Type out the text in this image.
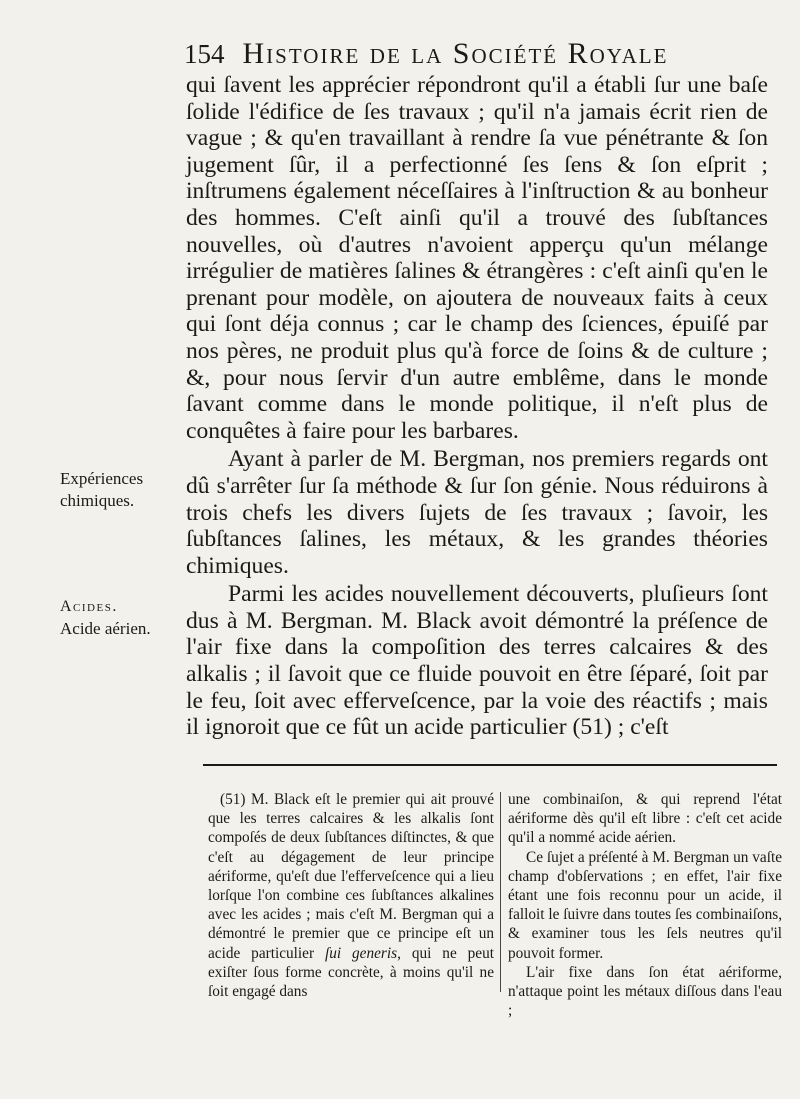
154 Histoire de la Société Royale

qui ſavent les apprécier répondront qu'il a établi ſur une baſe ſolide l'édifice de ſes travaux ; qu'il n'a jamais écrit rien de vague ; & qu'en travaillant à rendre ſa vue pénétrante & ſon jugement ſûr, il a perfectionné ſes ſens & ſon eſprit ; inſtrumens également néceſſaires à l'inſtruction & au bonheur des hommes. C'eſt ainſi qu'il a trouvé des ſubſtances nouvelles, où d'autres n'avoient apperçu qu'un mélange irrégulier de matières ſalines & étrangères : c'eſt ainſi qu'en le prenant pour modèle, on ajoutera de nouveaux faits à ceux qui ſont déja connus ; car le champ des ſciences, épuiſé par nos pères, ne produit plus qu'à force de ſoins & de culture ; &, pour nous ſervir d'un autre emblême, dans le monde ſavant comme dans le monde politique, il n'eſt plus de conquêtes à faire pour les barbares.

Ayant à parler de M. Bergman, nos premiers regards ont dû s'arrêter ſur ſa méthode & ſur ſon génie. Nous réduirons à trois chefs les divers ſujets de ſes travaux ; ſavoir, les ſubſtances ſalines, les métaux, & les grandes théories chimiques.

Parmi les acides nouvellement découverts, pluſieurs ſont dus à M. Bergman. M. Black avoit démontré la préſence de l'air fixe dans la compoſition des terres calcaires & des alkalis ; il ſavoit que ce fluide pouvoit en être ſéparé, ſoit par le feu, ſoit avec efferveſcence, par la voie des réactifs ; mais il ignoroit que ce fût un acide particulier (51) ; c'eſt

Expériences chimiques.
Acides.
Acide aérien.

(51) M. Black eſt le premier qui ait prouvé que les terres calcaires & les alkalis ſont compoſés de deux ſubſtances diſtinctes, & que c'eſt au dégagement de leur principe aériforme, qu'eſt due l'efferveſcence qui a lieu lorſque l'on combine ces ſubſtances alkalines avec les acides ; mais c'eſt M. Bergman qui a démontré le premier que ce principe eſt un acide particulier ſui generis, qui ne peut exiſter ſous forme concrète, à moins qu'il ne ſoit engagé dans

une combinaiſon, & qui reprend l'état aériforme dès qu'il eſt libre : c'eſt cet acide qu'il a nommé acide aérien.

Ce ſujet a préſenté à M. Bergman un vaſte champ d'obſervations ; en effet, l'air fixe étant une fois reconnu pour un acide, il falloit le ſuivre dans toutes ſes combinaiſons, & examiner tous les ſels neutres qu'il pouvoit former.

L'air fixe dans ſon état aériforme, n'attaque point les métaux diſſous dans l'eau ;
